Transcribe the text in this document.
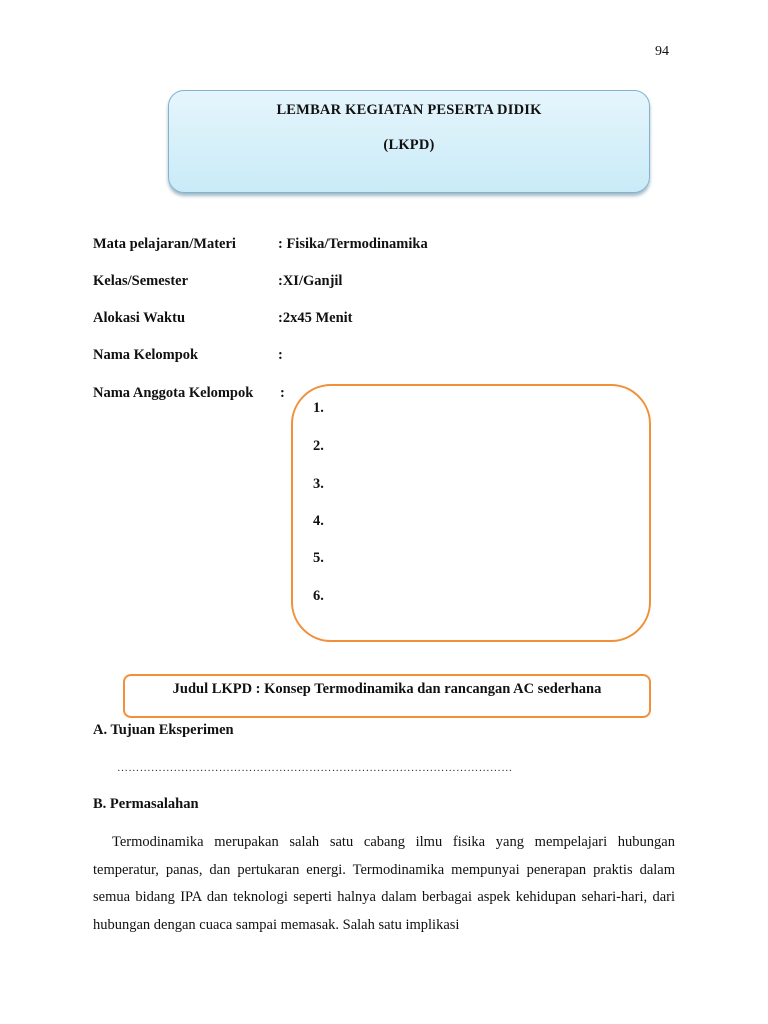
94
LEMBAR KEGIATAN PESERTA DIDIK
(LKPD)
Mata pelajaran/Materi	: Fisika/Termodinamika
Kelas/Semester	:XI/Ganjil
Alokasi Waktu	:2x45 Menit
Nama Kelompok	:
Nama Anggota Kelompok :
1.
2.
3.
4.
5.
6.
Judul LKPD : Konsep Termodinamika dan rancangan AC sederhana
A. Tujuan Eksperimen
……………………………………………………………………………………………
B. Permasalahan
Termodinamika merupakan salah satu cabang ilmu fisika yang mempelajari hubungan temperatur, panas, dan pertukaran energi. Termodinamika mempunyai penerapan praktis dalam semua bidang IPA dan teknologi seperti halnya dalam berbagai aspek kehidupan sehari-hari, dari hubungan dengan cuaca sampai memasak. Salah satu implikasi
